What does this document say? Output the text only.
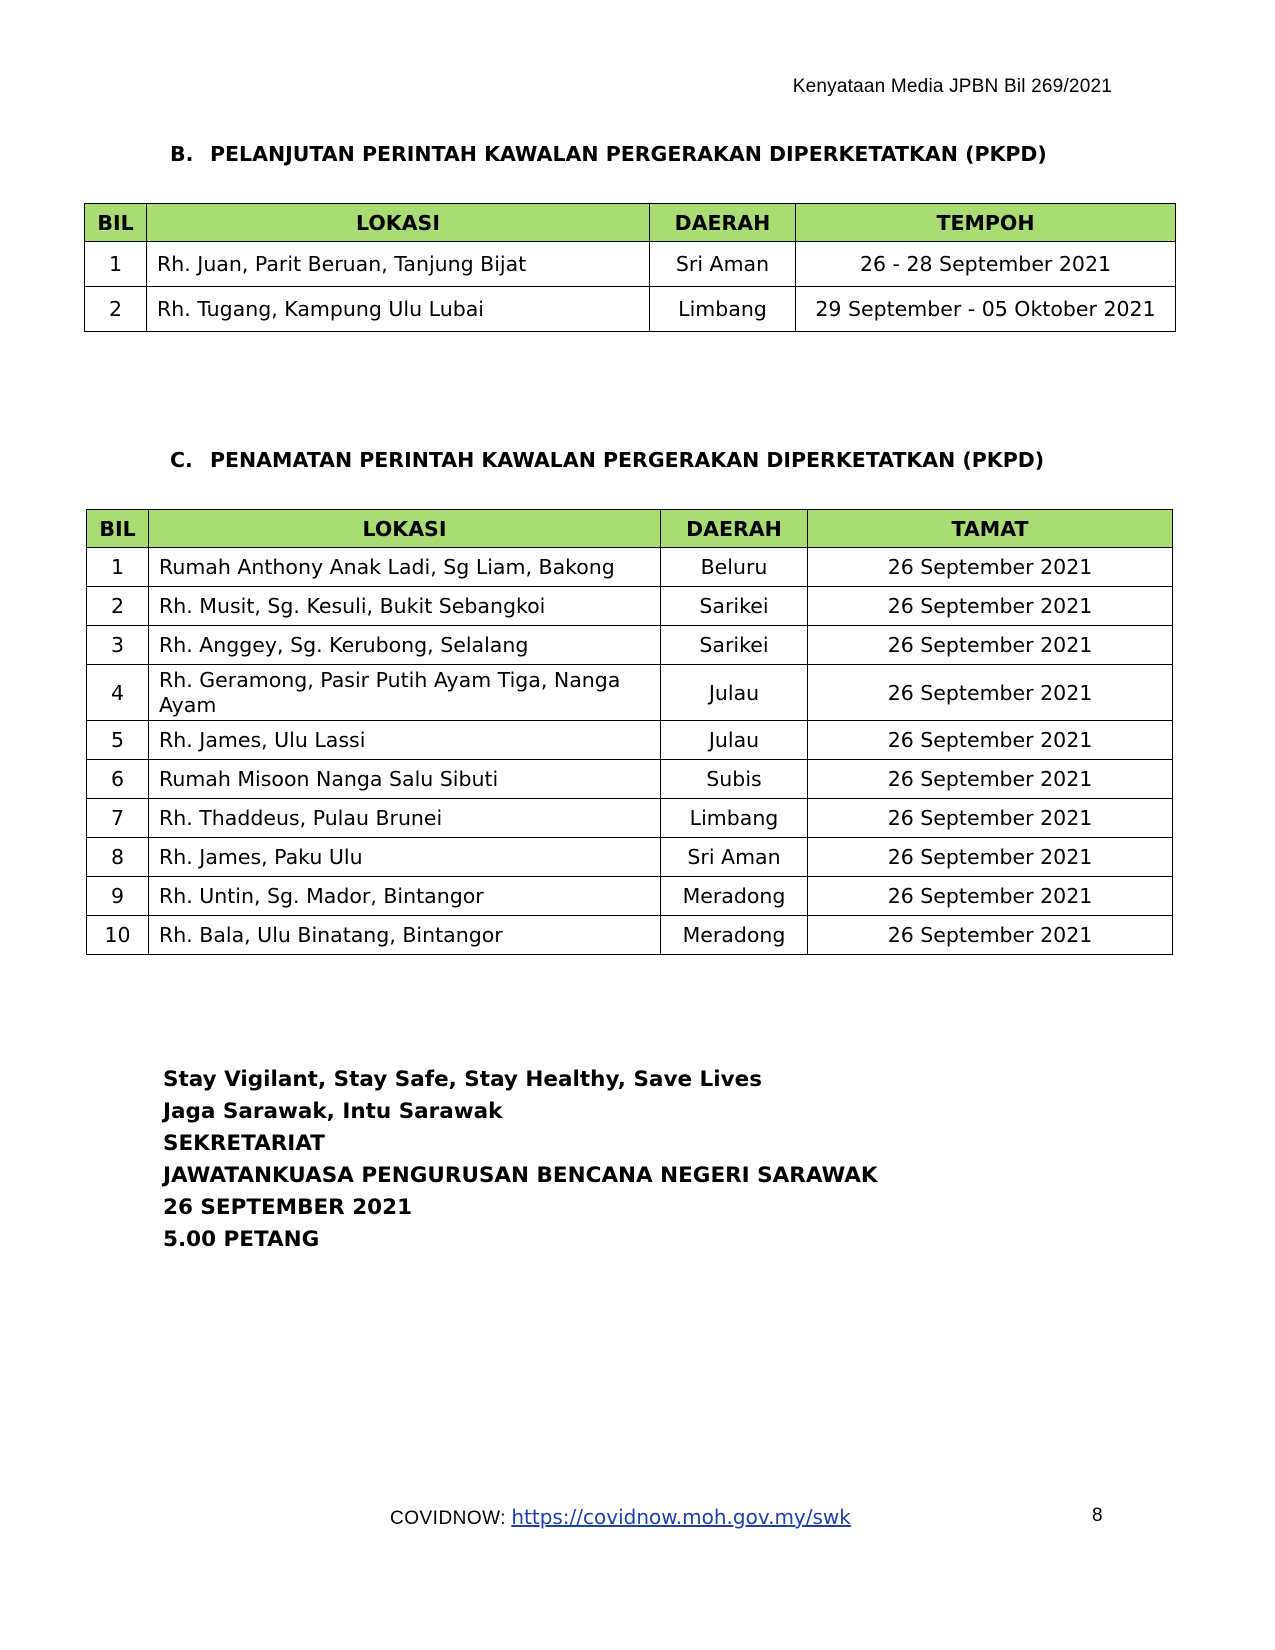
Kenyataan Media JPBN Bil 269/2021
B. PELANJUTAN PERINTAH KAWALAN PERGERAKAN DIPERKETATKAN (PKPD)
BIL	LOKASI	DAERAH	TEMPOH
1	Rh. Juan, Parit Beruan, Tanjung Bijat	Sri Aman	26 - 28 September 2021
2	Rh. Tugang, Kampung Ulu Lubai	Limbang	29 September - 05 Oktober 2021
C. PENAMATAN PERINTAH KAWALAN PERGERAKAN DIPERKETATKAN (PKPD)
BIL	LOKASI	DAERAH	TAMAT
1	Rumah Anthony Anak Ladi, Sg Liam, Bakong	Beluru	26 September 2021
2	Rh. Musit, Sg. Kesuli, Bukit Sebangkoi	Sarikei	26 September 2021
3	Rh. Anggey, Sg. Kerubong, Selalang	Sarikei	26 September 2021
4	Rh. Geramong, Pasir Putih Ayam Tiga, Nanga Ayam	Julau	26 September 2021
5	Rh. James, Ulu Lassi	Julau	26 September 2021
6	Rumah Misoon Nanga Salu Sibuti	Subis	26 September 2021
7	Rh. Thaddeus, Pulau Brunei	Limbang	26 September 2021
8	Rh. James, Paku Ulu	Sri Aman	26 September 2021
9	Rh. Untin, Sg. Mador, Bintangor	Meradong	26 September 2021
10	Rh. Bala, Ulu Binatang, Bintangor	Meradong	26 September 2021
Stay Vigilant, Stay Safe, Stay Healthy, Save Lives
Jaga Sarawak, Intu Sarawak
SEKRETARIAT
JAWATANKUASA PENGURUSAN BENCANA NEGERI SARAWAK
26 SEPTEMBER 2021
5.00 PETANG
COVIDNOW: https://covidnow.moh.gov.my/swk	8
